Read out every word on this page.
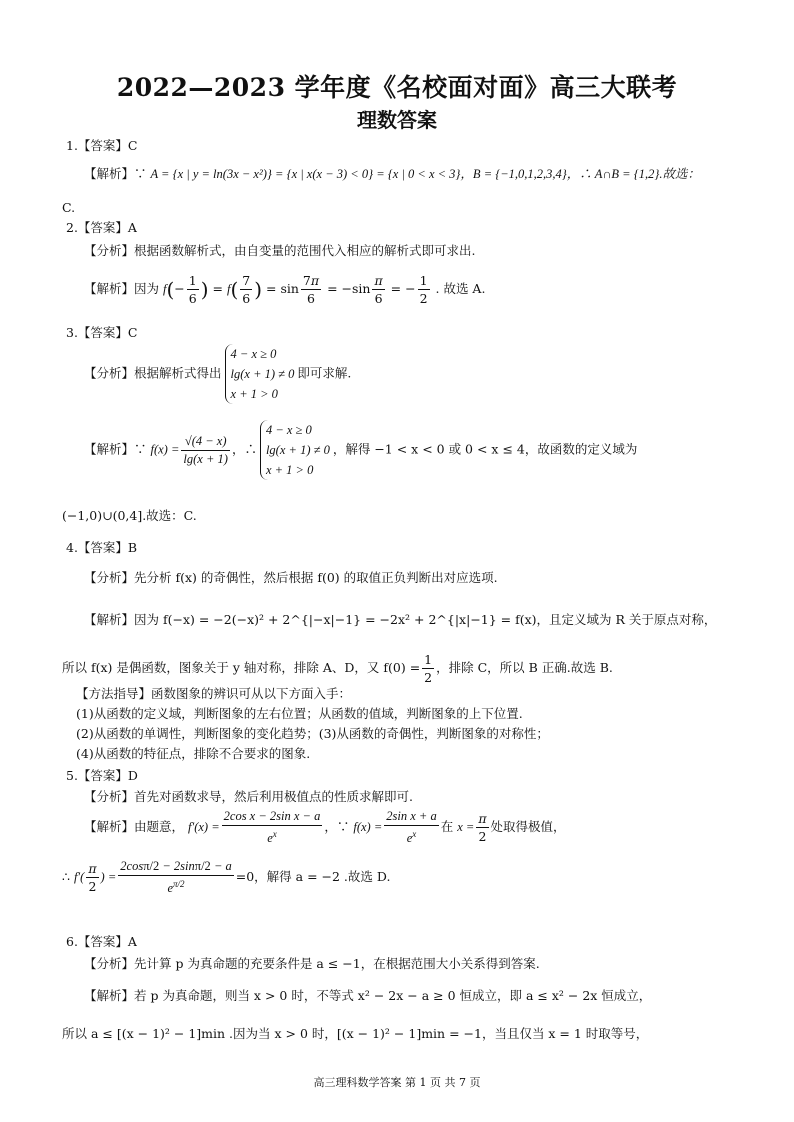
2022—2023 学年度《名校面对面》高三大联考
理数答案
1.【答案】C
【解析】∵ A = {x | y = ln(3x − x²)} = {x | x(x − 3) < 0} = {x | 0 < x < 3}，B = {−1,0,1,2,3,4}，∴ A∩B = {1,2}.故选：
C.
2.【答案】A
【分析】根据函数解析式，由自变量的范围代入相应的解析式即可求出.
【解析】因为 $f(- \frac{1}{6}$ ) = $f( \frac{7}{6}$ ) = $\sin \frac{7\pi}{6} = -\sin \frac{\pi}{6}$ = − $\frac{1}{2}$ . 故选 A.
3.【答案】C
【分析】根据解析式得出
4 − x ≥ 0
lg(x + 1) ≠ 0
x + 1 > 0
即可求解.
【解析】∵ $f(x) = \frac{√(4 - x)}{\lg(x + 1)}$ ，∴
4 − x ≥ 0
lg(x + 1) ≠ 0
x + 1 > 0
，解得 −1 < x < 0 或 0 < x ≤ 4，故函数的定义域为
(−1,0)∪(0,4].故选：C.
4.【答案】B
【分析】先分析 f(x) 的奇偶性，然后根据 f(0) 的取值正负判断出对应选项.
【解析】因为 f(−x) = −2(−x)² + 2^{|−x|−1} = −2x² + 2^{|x|−1} = f(x)，且定义域为 R 关于原点对称，
所以 f(x) 是偶函数，图象关于 y 轴对称，排除 A、D，又 $f(0) = \frac{1}{2}$ ，排除 C，所以 B 正确.故选 B.
【方法指导】函数图象的辨识可从以下方面入手：
(1)从函数的定义域，判断图象的左右位置；从函数的值域，判断图象的上下位置.
(2)从函数的单调性，判断图象的变化趋势；(3)从函数的奇偶性，判断图象的对称性；
(4)从函数的特征点，排除不合要求的图象.
5.【答案】D
【分析】首先对函数求导，然后利用极值点的性质求解即可.
【解析】由题意， $f'(x) = \frac{\text{2cos x − 2sin x − a}}{e^x}$ ，∵ $f(x) = \frac{\text{2sin x + a}}{e^x}$ 在 $x = \frac{\pi}{2}$ 处取得极值，
∴ $f'( \frac{\pi}{2}$ ) = $\frac{2\cos\pi/2 - 2\sin\pi/2 - a}{e^{\pi/2}} =0$，解得 a = −2 .故选 D.
6.【答案】A
【分析】先计算 p 为真命题的充要条件是 a ≤ −1，在根据范围大小关系得到答案.
【解析】若 p 为真命题，则当 x > 0 时，不等式 x² − 2x − a ≥ 0 恒成立，即 a ≤ x² − 2x 恒成立，
所以 a ≤ [(x − 1)² − 1]min .因为当 x > 0 时，[(x − 1)² − 1]min = −1，当且仅当 x = 1 时取等号，
高三理科数学答案 第 1 页 共 7 页
